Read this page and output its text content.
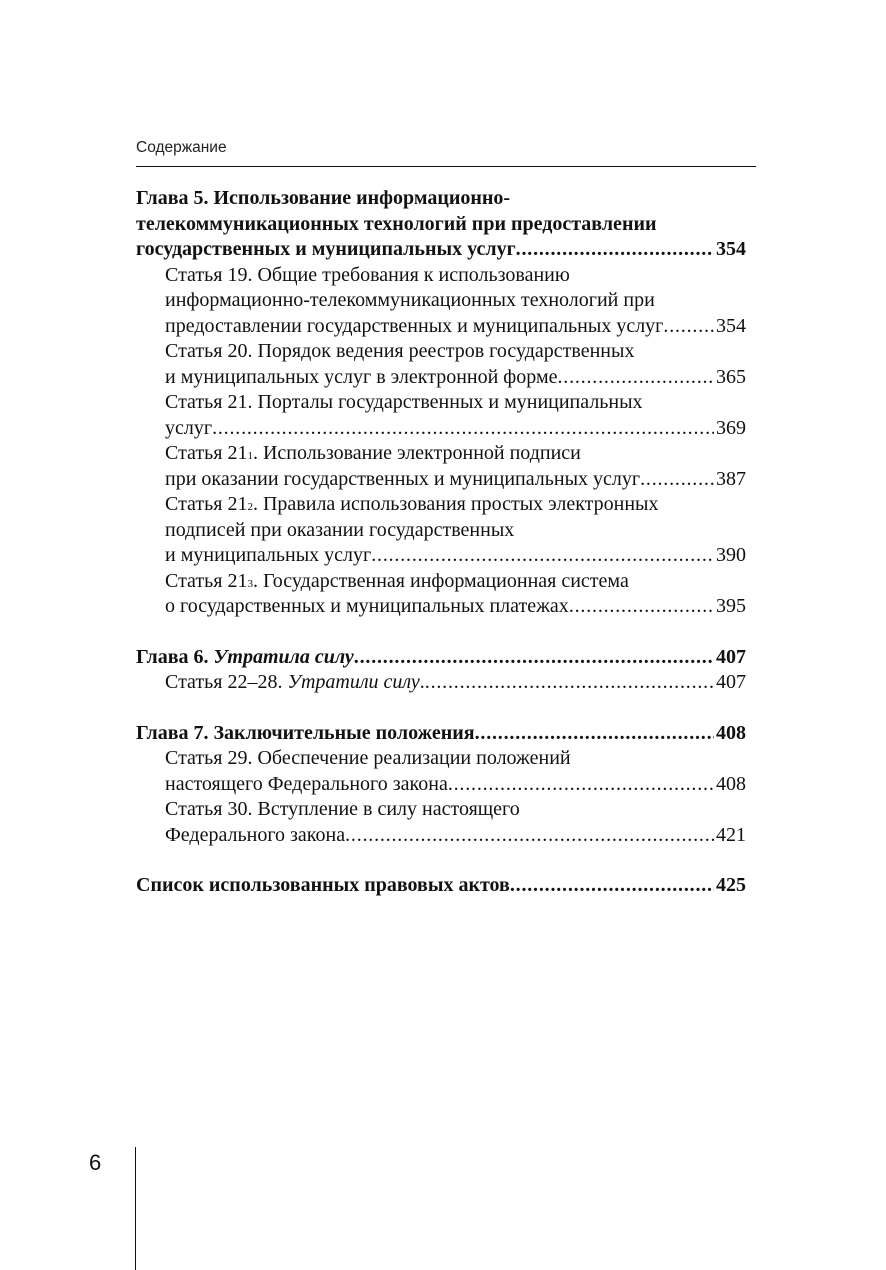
Содержание
Глава 5. Использование информационно-
телекоммуникационных технологий при предоставлении
государственных и муниципальных услуг . . .	354
Статья 19. Общие требования к использованию
информационно-телекоммуникационных технологий при
предоставлении государственных и муниципальных услуг . . .	354
Статья 20. Порядок ведения реестров государственных
и муниципальных услуг в электронной форме . . .	365
Статья 21. Порталы государственных и муниципальных
услуг . . .	369
Статья 21 1 . Использование электронной подписи
при оказании государственных и муниципальных услуг . . .	387
Статья 21 2 . Правила использования простых электронных
подписей при оказании государственных
и муниципальных услуг . . .	390
Статья 21 3 . Государственная информационная система
о государственных и муниципальных платежах . . .	395
Глава 6.
Утратила силу . . .	407
Статья 22–28.
Утратили силу . . . .	407
Глава 7. Заключительные положения . . .	408
Статья 29. Обеспечение реализации положений
настоящего Федерального закона . . .	408
Статья 30. Вступление в силу настоящего
Федерального закона . . .	421
Список использованных правовых актов . . .	425
6
